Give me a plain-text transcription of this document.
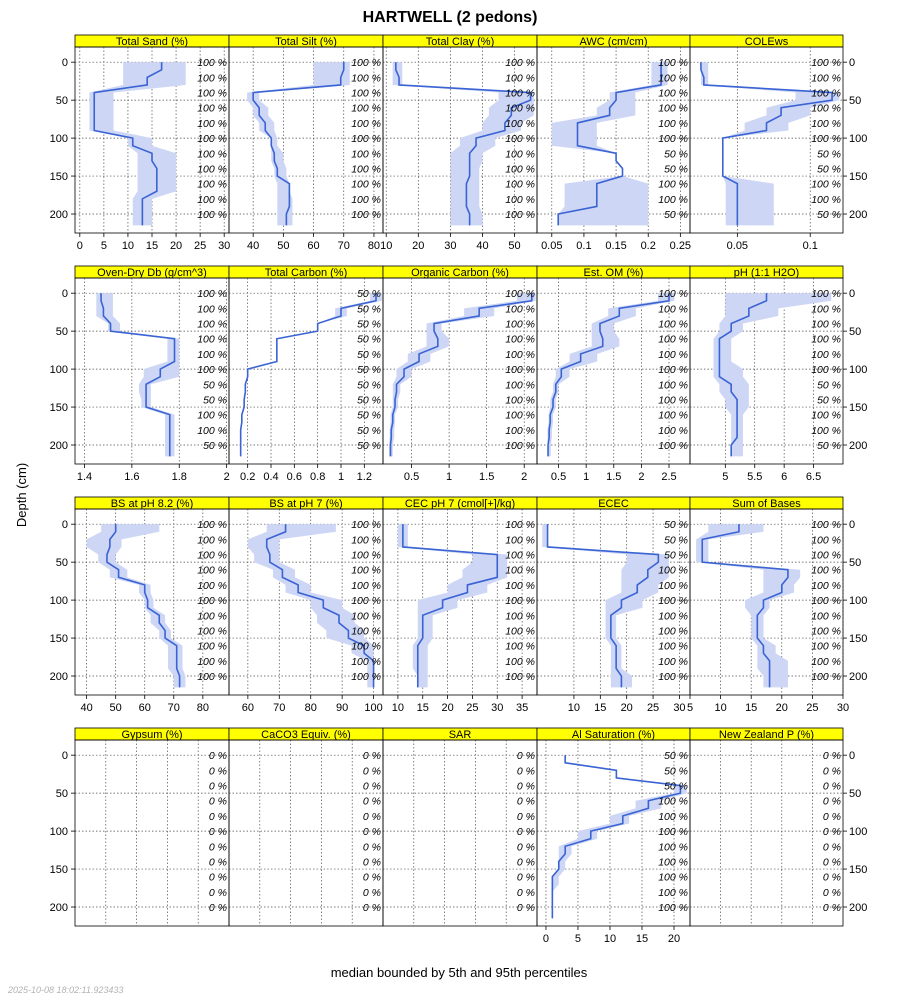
HARTWELL (2 pedons)
Depth (cm)
median bounded by 5th and 95th percentiles
2025-10-08 18:02:11.923433
Total Sand (%)
100 %
100 %
100 %
100 %
100 %
100 %
100 %
100 %
100 %
100 %
100 %
0 5 10 15 20 25 30
0
50
100
150
200
Total Silt (%)
100 %
100 %
100 %
100 %
100 %
100 %
100 %
100 %
100 %
100 %
100 %
40 50 60 70 80
Total Clay (%)
100 %
100 %
100 %
100 %
100 %
100 %
100 %
100 %
100 %
100 %
100 %
10 20 30 40 50
AWC (cm/cm)
100 %
100 %
100 %
100 %
100 %
100 %
50 %
50 %
100 %
100 %
50 %
0.05 0.1 0.15 0.2 0.25
COLEws
100 %
100 %
100 %
100 %
100 %
100 %
50 %
50 %
100 %
100 %
50 %
0.05	0.1
0
50
100
150
200
Oven-Dry Db (g/cm^3)
100 %
100 %
100 %
100 %
100 %
100 %
50 %
50 %
100 %
100 %
50 %
1.4	1.6	1.8	2
0
50
100
150
200
Total Carbon (%)
50 %
50 %
50 %
50 %
50 %
50 %
50 %
50 %
50 %
50 %
50 %
0.2 0.4 0.6 0.8 1 1.2
Organic Carbon (%)
100 %
100 %
100 %
100 %
100 %
100 %
100 %
100 %
100 %
100 %
100 %
0.5 1 1.5 2
Est. OM (%)
100 %
100 %
100 %
100 %
100 %
100 %
100 %
100 %
100 %
100 %
100 %
0.5 1 1.5 2 2.5
pH (1:1 H2O)
100 %
100 %
100 %
100 %
100 %
100 %
50 %
50 %
100 %
100 %
50 %
5 5.5 6 6.5
0
50
100
150
200
BS at pH 8.2 (%)
100 %
100 %
100 %
100 %
100 %
100 %
100 %
100 %
100 %
100 %
100 %
40 50 60 70 80
0
50
100
150
200
BS at pH 7 (%)
100 %
100 %
100 %
100 %
100 %
100 %
100 %
100 %
100 %
100 %
100 %
60 70 80 90 100
CEC pH 7 (cmol[+]/kg)
100 %
100 %
100 %
100 %
100 %
100 %
100 %
100 %
100 %
100 %
100 %
10 15 20 25 30 35
ECEC
50 %
50 %
50 %
100 %
100 %
100 %
100 %
100 %
100 %
100 %
100 %
10 15 20 25 30
Sum of Bases
100 %
100 %
100 %
100 %
100 %
100 %
100 %
100 %
100 %
100 %
100 %
5 10 15 20 25 30
0
50
100
150
200
Gypsum (%)
0 %
0 %
0 %
0 %
0 %
0 %
0 %
0 %
0 %
0 %
0 %
0
50
100
150
200
CaCO3 Equiv. (%)
0 %
0 %
0 %
0 %
0 %
0 %
0 %
0 %
0 %
0 %
0 %
SAR
0 %
0 %
0 %
0 %
0 %
0 %
0 %
0 %
0 %
0 %
0 %
Al Saturation (%)
50 %
50 %
50 %
100 %
100 %
100 %
100 %
100 %
100 %
100 %
100 %
0 5 10 15 20
New Zealand P (%)
0 %
0 %
0 %
0 %
0 %
0 %
0 %
0 %
0 %
0 %
0 %
0
50
100
150
200
